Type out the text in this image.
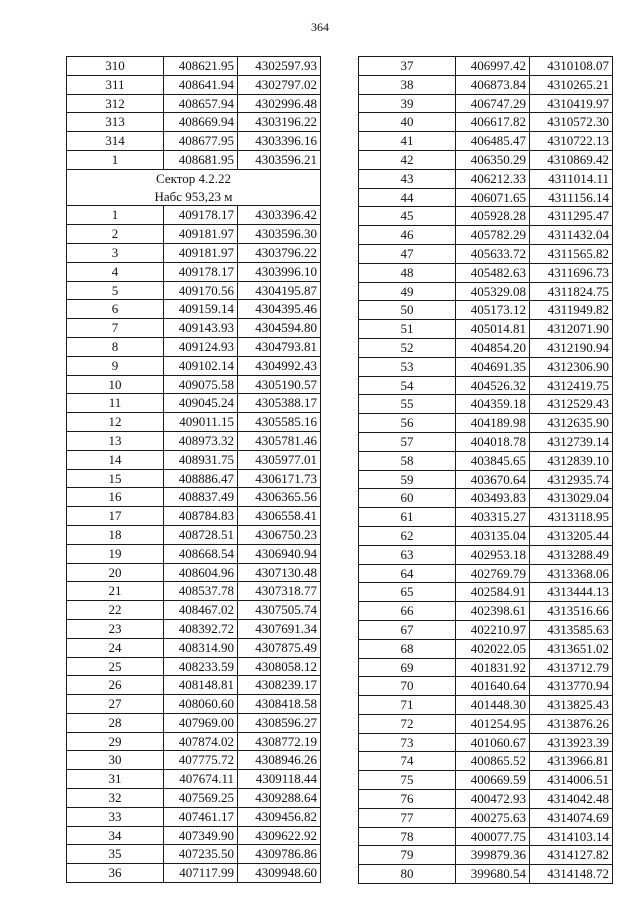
364
310	408621.95	4302597.93
311	408641.94	4302797.02
312	408657.94	4302996.48
313	408669.94	4303196.22
314	408677.95	4303396.16
1	408681.95	4303596.21
Сектор 4.2.22		
Набс 953,23 м		
1	409178.17	4303396.42
2	409181.97	4303596.30
3	409181.97	4303796.22
4	409178.17	4303996.10
5	409170.56	4304195.87
6	409159.14	4304395.46
7	409143.93	4304594.80
8	409124.93	4304793.81
9	409102.14	4304992.43
10	409075.58	4305190.57
11	409045.24	4305388.17
12	409011.15	4305585.16
13	408973.32	4305781.46
14	408931.75	4305977.01
15	408886.47	4306171.73
16	408837.49	4306365.56
17	408784.83	4306558.41
18	408728.51	4306750.23
19	408668.54	4306940.94
20	408604.96	4307130.48
21	408537.78	4307318.77
22	408467.02	4307505.74
23	408392.72	4307691.34
24	408314.90	4307875.49
25	408233.59	4308058.12
26	408148.81	4308239.17
27	408060.60	4308418.58
28	407969.00	4308596.27
29	407874.02	4308772.19
30	407775.72	4308946.26
31	407674.11	4309118.44
32	407569.25	4309288.64
33	407461.17	4309456.82
34	407349.90	4309622.92
35	407235.50	4309786.86
36	407117.99	4309948.60
37	406997.42	4310108.07
38	406873.84	4310265.21
39	406747.29	4310419.97
40	406617.82	4310572.30
41	406485.47	4310722.13
42	406350.29	4310869.42
43	406212.33	4311014.11
44	406071.65	4311156.14
45	405928.28	4311295.47
46	405782.29	4311432.04
47	405633.72	4311565.82
48	405482.63	4311696.73
49	405329.08	4311824.75
50	405173.12	4311949.82
51	405014.81	4312071.90
52	404854.20	4312190.94
53	404691.35	4312306.90
54	404526.32	4312419.75
55	404359.18	4312529.43
56	404189.98	4312635.90
57	404018.78	4312739.14
58	403845.65	4312839.10
59	403670.64	4312935.74
60	403493.83	4313029.04
61	403315.27	4313118.95
62	403135.04	4313205.44
63	402953.18	4313288.49
64	402769.79	4313368.06
65	402584.91	4313444.13
66	402398.61	4313516.66
67	402210.97	4313585.63
68	402022.05	4313651.02
69	401831.92	4313712.79
70	401640.64	4313770.94
71	401448.30	4313825.43
72	401254.95	4313876.26
73	401060.67	4313923.39
74	400865.52	4313966.81
75	400669.59	4314006.51
76	400472.93	4314042.48
77	400275.63	4314074.69
78	400077.75	4314103.14
79	399879.36	4314127.82
80	399680.54	4314148.72
